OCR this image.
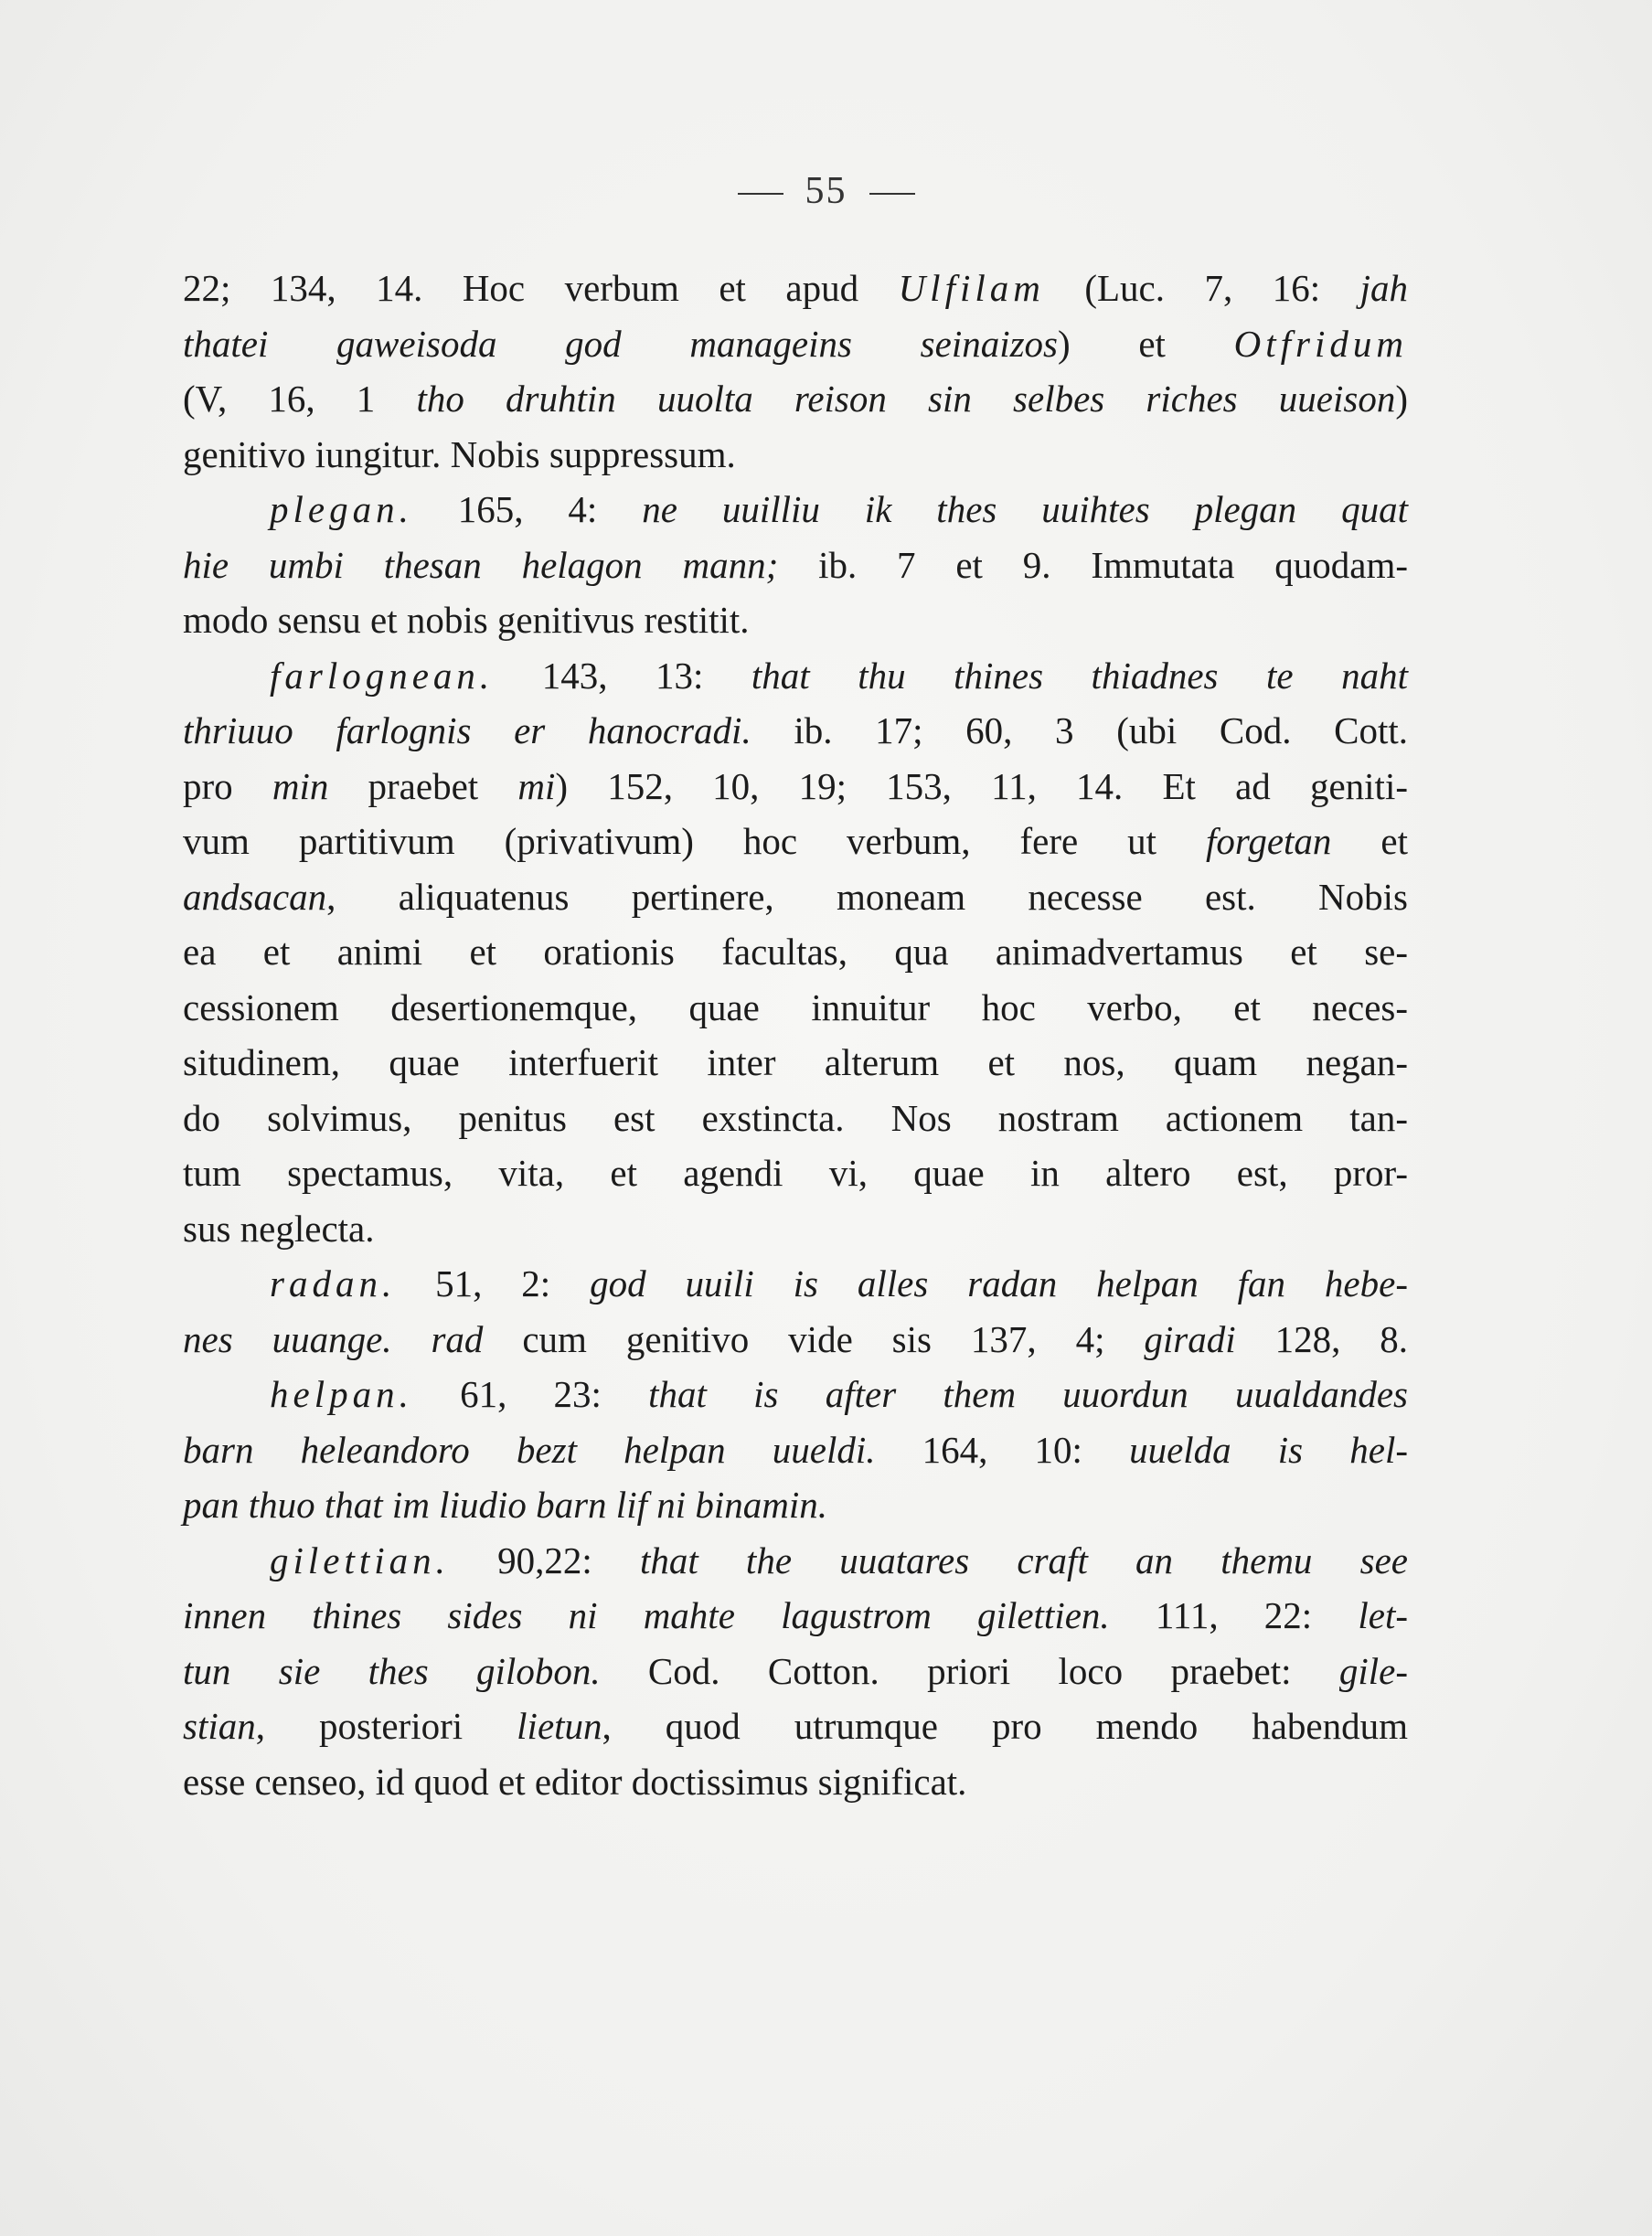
55
22; 134, 14. Hoc verbum et apud Ulfilam (Luc. 7, 16: jah
thatei gaweisoda god manageins seinaizos) et Otfridum
(V, 16, 1 tho druhtin uuolta reison sin selbes riches uueison)
genitivo iungitur. Nobis suppressum.
plegan. 165, 4: ne uuilliu ik thes uuihtes plegan quat
hie umbi thesan helagon mann; ib. 7 et 9. Immutata quodam-
modo sensu et nobis genitivus restitit.
farlognean. 143, 13: that thu thines thiadnes te naht
thriuuo farlognis er hanocradi. ib. 17; 60, 3 (ubi Cod. Cott.
pro min praebet mi) 152, 10, 19; 153, 11, 14. Et ad geniti-
vum partitivum (privativum) hoc verbum, fere ut forgetan et
andsacan, aliquatenus pertinere, moneam necesse est. Nobis
ea et animi et orationis facultas, qua animadvertamus et se-
cessionem desertionemque, quae innuitur hoc verbo, et neces-
situdinem, quae interfuerit inter alterum et nos, quam negan-
do solvimus, penitus est exstincta. Nos nostram actionem tan-
tum spectamus, vita, et agendi vi, quae in altero est, pror-
sus neglecta.
radan. 51, 2: god uuili is alles radan helpan fan hebe-
nes uuange. rad cum genitivo vide sis 137, 4; giradi 128, 8.
helpan. 61, 23: that is after them uuordun uualdandes
barn heleandoro bezt helpan uueldi. 164, 10: uuelda is hel-
pan thuo that im liudio barn lif ni binamin.
gilettian. 90,22: that the uuatares craft an themu see
innen thines sides ni mahte lagustrom gilettien. 111, 22: let-
tun sie thes gilobon. Cod. Cotton. priori loco praebet: gile-
stian, posteriori lietun, quod utrumque pro mendo habendum
esse censeo, id quod et editor doctissimus significat.
